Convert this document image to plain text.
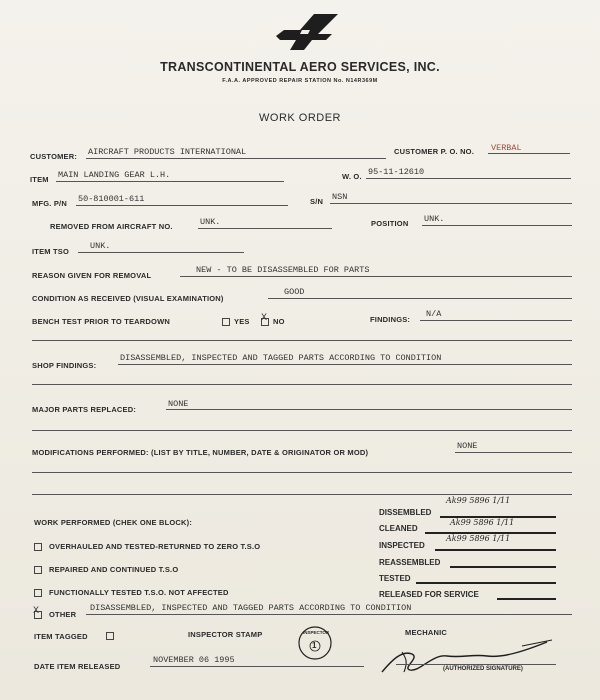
TRANSCONTINENTAL AERO SERVICES, INC.
F.A.A. APPROVED REPAIR STATION No. N14R369M
WORK ORDER
CUSTOMER: AIRCRAFT PRODUCTS INTERNATIONAL	CUSTOMER P. O. NO. VERBAL
ITEM MAIN LANDING GEAR L.H.	W. O. 95-11-12610
MFG. P/N 50-810001-611	S/N NSN
REMOVED FROM AIRCRAFT NO.	UNK.	POSITION UNK.
ITEM TSO
UNK.
REASON GIVEN FOR REMOVAL
NEW - TO BE DISASSEMBLED FOR PARTS
CONDITION AS RECEIVED (VISUAL EXAMINATION)
GOOD
BENCH TEST PRIOR TO TEARDOWN	YES X NO	FINDINGS:
N/A
SHOP FINDINGS:
DISASSEMBLED, INSPECTED AND TAGGED PARTS ACCORDING TO CONDITION
MAJOR PARTS REPLACED:
NONE
MODIFICATIONS PERFORMED: (LIST BY TITLE, NUMBER, DATE & ORIGINATOR OR MOD)
NONE
WORK PERFORMED (CHEK ONE BLOCK):
OVERHAULED AND TESTED-RETURNED TO ZERO T.S.O
REPAIRED AND CONTINUED T.S.O
FUNCTIONALLY TESTED T.S.O. NOT AFFECTED
X OTHER
DISASSEMBLED, INSPECTED AND TAGGED PARTS ACCORDING TO CONDITION
DISSEMBLED
Ak99 5896 1/11
CLEANED
Ak99 5896 1/11
INSPECTED
Ak99 5896 1/11
REASSEMBLED
TESTED
RELEASED FOR SERVICE
ITEM TAGGED	INSPECTOR STAMP	INSPECTOR
1
MECHANIC
DATE ITEM RELEASED
NOVEMBER 06 1995
(AUTHORIZED SIGNATURE)
